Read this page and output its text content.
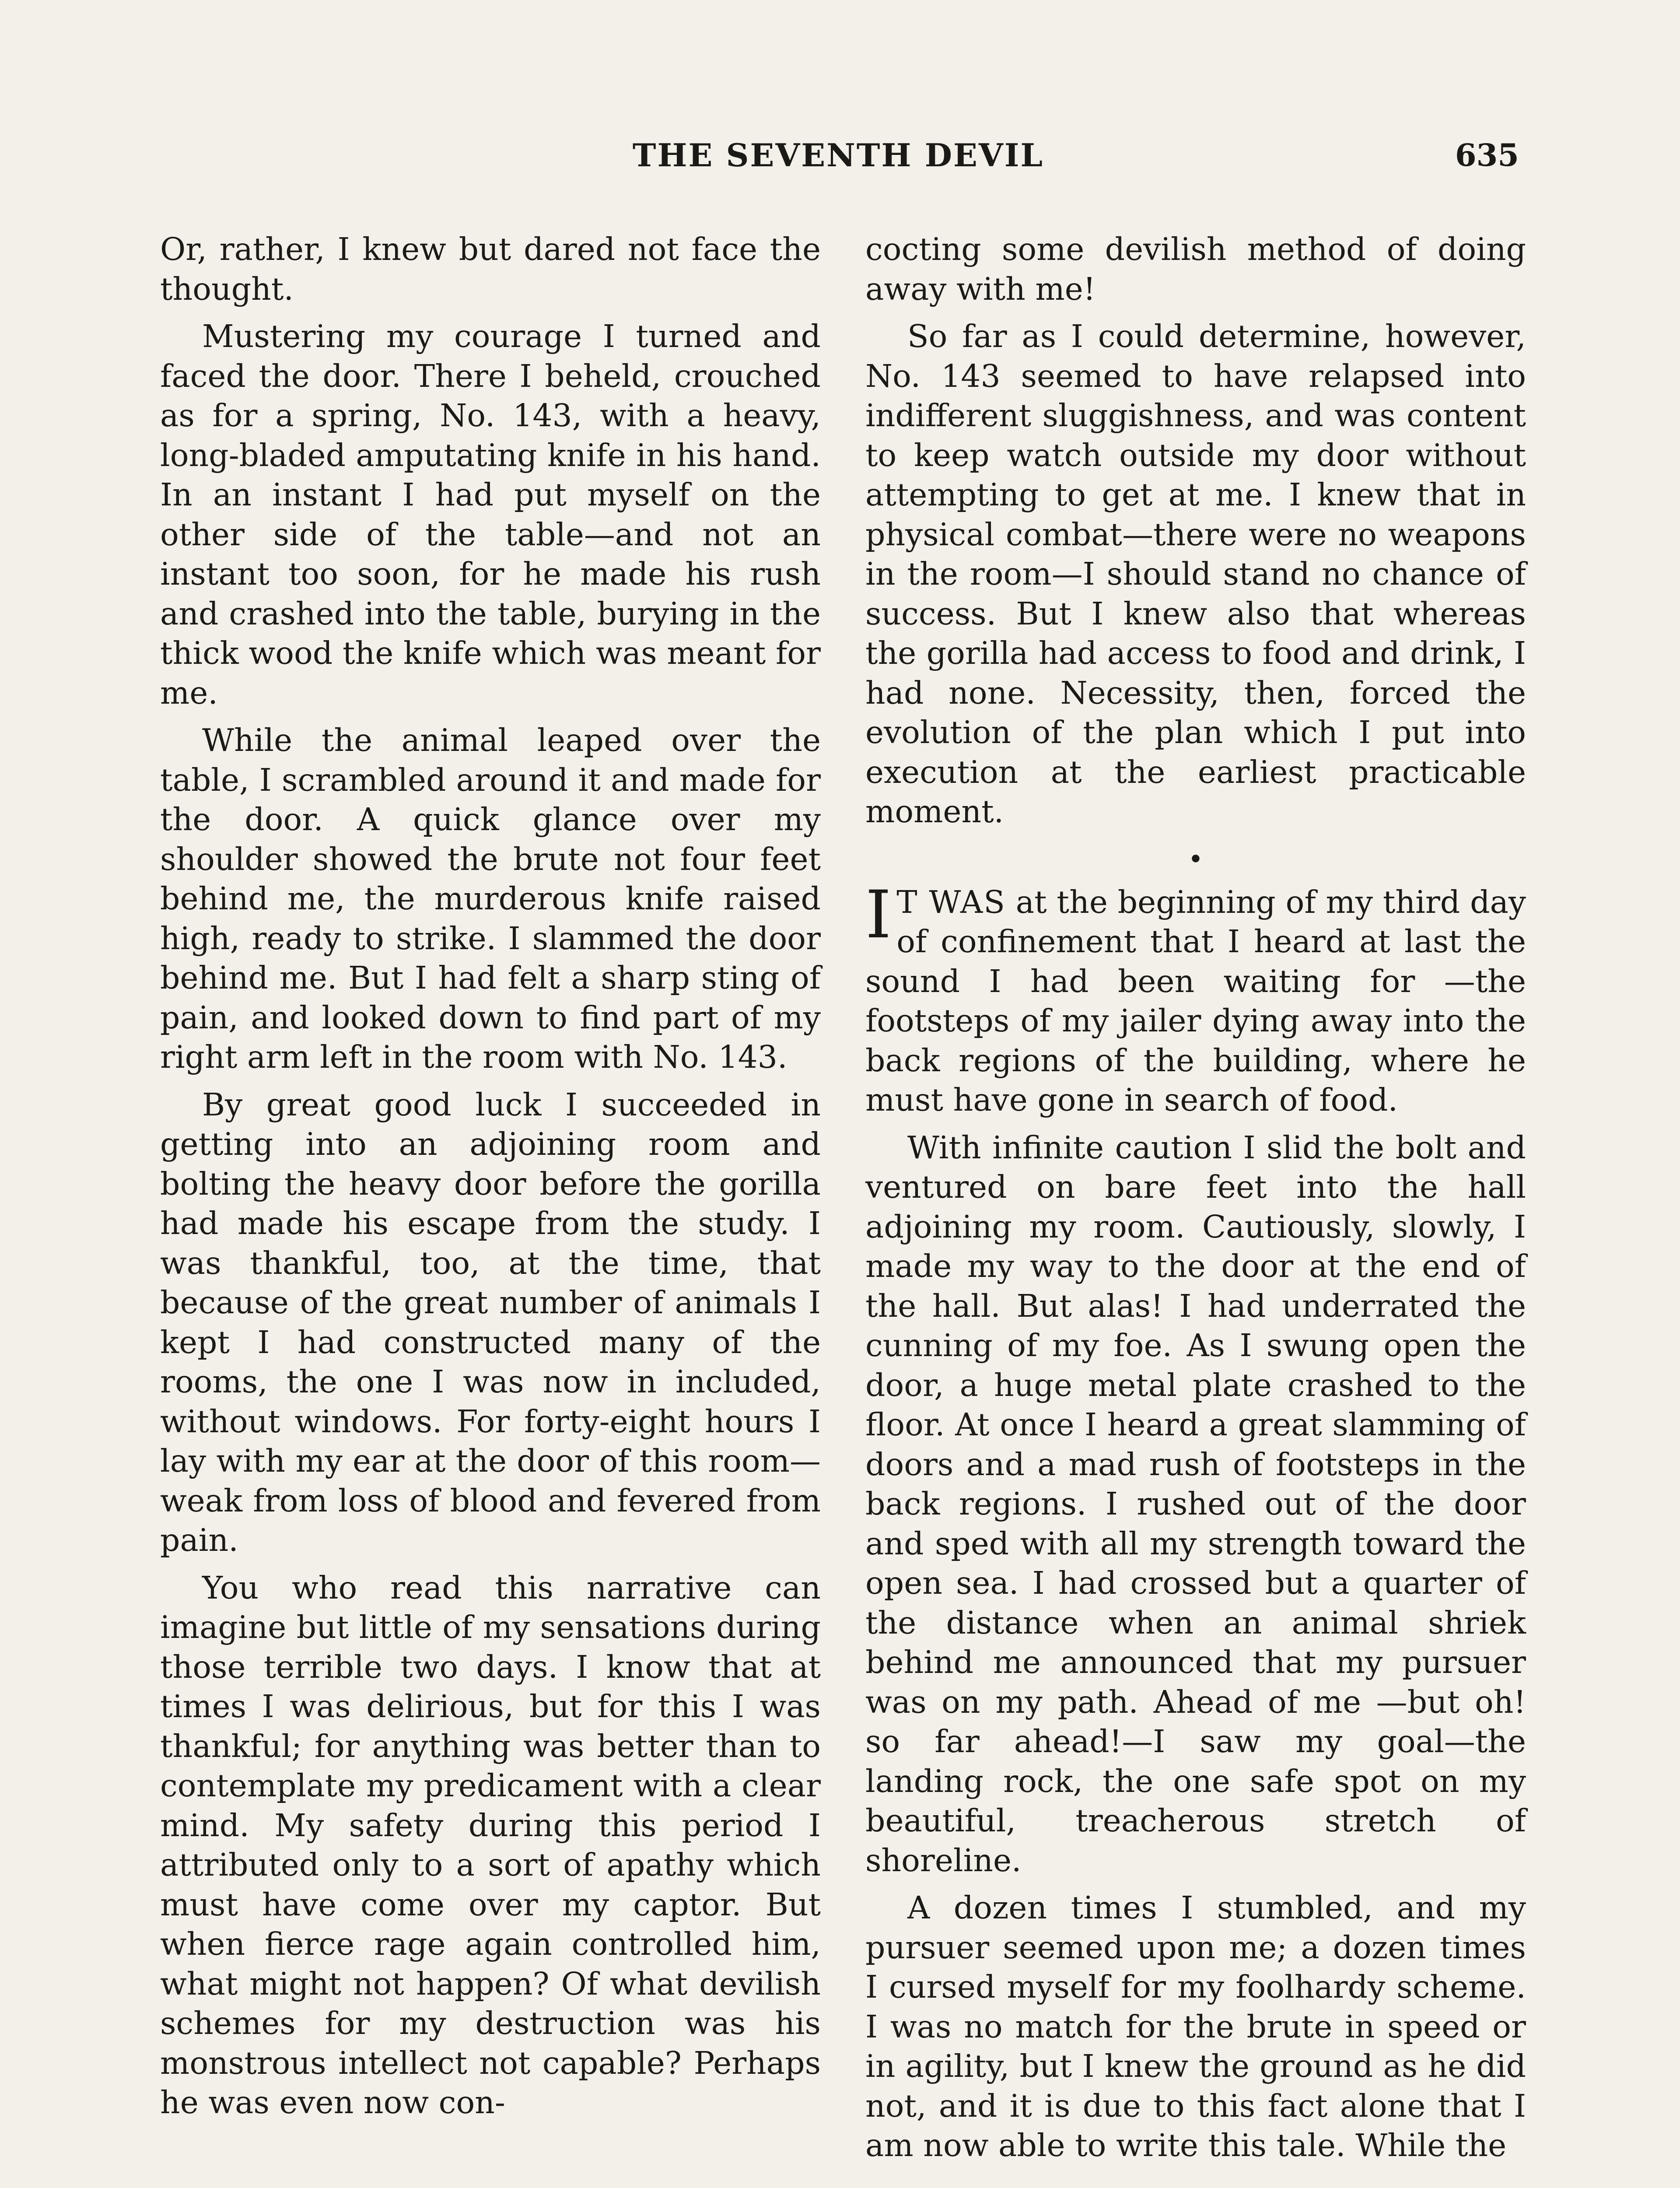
THE SEVENTH DEVIL	635

Or, rather, I knew but dared not face the thought.

Mustering my courage I turned and faced the door. There I beheld, crouched as for a spring, No. 143, with a heavy, long-bladed amputating knife in his hand. In an instant I had put myself on the other side of the table—and not an instant too soon, for he made his rush and crashed into the table, burying in the thick wood the knife which was meant for me.

While the animal leaped over the table, I scrambled around it and made for the door. A quick glance over my shoulder showed the brute not four feet behind me, the murderous knife raised high, ready to strike. I slammed the door behind me. But I had felt a sharp sting of pain, and looked down to find part of my right arm left in the room with No. 143.

By great good luck I succeeded in getting into an adjoining room and bolting the heavy door before the gorilla had made his escape from the study. I was thankful, too, at the time, that because of the great number of animals I kept I had constructed many of the rooms, the one I was now in included, without windows. For forty-eight hours I lay with my ear at the door of this room—weak from loss of blood and fevered from pain.

You who read this narrative can imagine but little of my sensations during those terrible two days. I know that at times I was delirious, but for this I was thankful; for anything was better than to contemplate my predicament with a clear mind. My safety during this period I attributed only to a sort of apathy which must have come over my captor. But when fierce rage again controlled him, what might not happen? Of what devilish schemes for my destruction was his monstrous intellect not capable? Perhaps he was even now con-

cocting some devilish method of doing away with me!

So far as I could determine, however, No. 143 seemed to have relapsed into indifferent sluggishness, and was content to keep watch outside my door without attempting to get at me. I knew that in physical combat—there were no weapons in the room—I should stand no chance of success. But I knew also that whereas the gorilla had access to food and drink, I had none. Necessity, then, forced the evolution of the plan which I put into execution at the earliest practicable moment.

•

I T WAS at the beginning of my third day of confinement that I heard at last the sound I had been waiting for —the footsteps of my jailer dying away into the back regions of the building, where he must have gone in search of food.

With infinite caution I slid the bolt and ventured on bare feet into the hall adjoining my room. Cautiously, slowly, I made my way to the door at the end of the hall. But alas! I had underrated the cunning of my foe. As I swung open the door, a huge metal plate crashed to the floor. At once I heard a great slamming of doors and a mad rush of footsteps in the back regions. I rushed out of the door and sped with all my strength toward the open sea. I had crossed but a quarter of the distance when an animal shriek behind me announced that my pursuer was on my path. Ahead of me —but oh! so far ahead!—I saw my goal—the landing rock, the one safe spot on my beautiful, treacherous stretch of shoreline.

A dozen times I stumbled, and my pursuer seemed upon me; a dozen times I cursed myself for my foolhardy scheme. I was no match for the brute in speed or in agility, but I knew the ground as he did not, and it is due to this fact alone that I am now able to write this tale. While the
